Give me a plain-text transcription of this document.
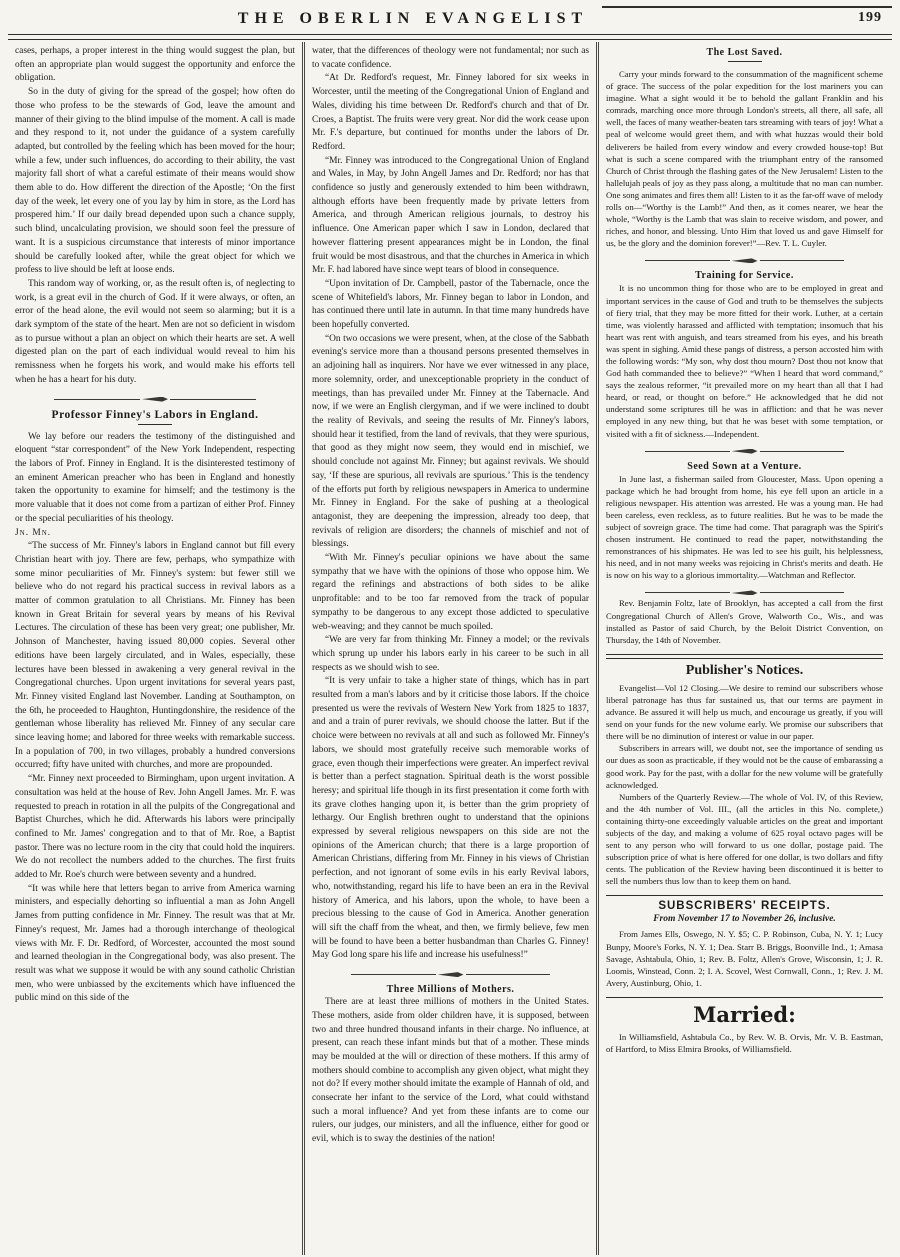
THE OBERLIN EVANGELIST	199

cases, perhaps, a proper interest in the thing would suggest the plan, but often an appropriate plan would suggest the opportunity and enforce the obligation.

So in the duty of giving for the spread of the gospel; how often do those who profess to be the stewards of God, leave the amount and manner of their giving to the blind impulse of the moment. A call is made and they respond to it, not under the guidance of a system carefully adapted, but controlled by the feeling which has been moved for the hour; while a few, under such influences, do according to their ability, the vast majority fall short of what a careful estimate of their means would show them able to do. How different the direction of the Apostle; ‘On the first day of the week, let every one of you lay by him in store, as the Lord has prospered him.’ If our daily bread depended upon such a chance supply, such blind, uncalculating provision, we should soon feel the pressure of want. It is a suspicious circumstance that interests of minor importance should be carefully looked after, while the great object for which we profess to live should be left at loose ends.

This random way of working, or, as the result often is, of neglecting to work, is a great evil in the church of God. If it were always, or often, an error of the head alone, the evil would not seem so alarming; but it is a dark symptom of the state of the heart. Men are not so deficient in wisdom as to pursue without a plan an object on which their hearts are set. A well digested plan on the part of each individual would reveal to him his remissness when he forgets his work, and would make his efforts tell when he has a heart for his duty.

Professor Finney's Labors in England.

We lay before our readers the testimony of the distinguished and eloquent “star correspondent” of the New York Independent, respecting the labors of Prof. Finney in England. It is the disinterested testimony of an eminent American preacher who has been in England and honestly taken the opportunity to examine for himself; and the testimony is the more valuable that it does not come from a partizan of either Prof. Finney or the special peculiarities of his theology.

Jn. Mn.

“The success of Mr. Finney's labors in England cannot but fill every Christian heart with joy. There are few, perhaps, who sympathize with some minor peculiarities of Mr. Finney's system: but fewer still we believe who do not regard his practical success in revival labors as a matter of common gratulation to all Christians. Mr. Finney has been known in Great Britain for several years by means of his Revival Lectures. The circulation of these has been very great; one publisher, Mr. Johnson of Manchester, having issued 80,000 copies. Several other editions have been largely circulated, and in Wales, especially, these lectures have been blessed in awakening a very general revival in the Congregational churches. Upon urgent invitations for several years past, Mr. Finney visited England last November. Landing at Southampton, on the 6th, he proceeded to Haughton, Huntingdonshire, the residence of the gentleman whose liberality has relieved Mr. Finney of any secular care since leaving home; and labored for three weeks with remarkable success. In a population of 700, in two villages, probably a hundred conversions occurred; fifty have united with churches, and more are propounded.

“Mr. Finney next proceeded to Birmingham, upon urgent invitation. A consultation was held at the house of Rev. John Angell James. Mr. F. was requested to preach in rotation in all the pulpits of the Congregational and Baptist Churches, which he did. Afterwards his labors were principally confined to Mr. James' congregation and to that of Mr. Roe, a Baptist pastor. There was no lecture room in the city that could hold the inquirers. We do not recollect the numbers added to the churches. The first fruits added to Mr. Roe's church were between seventy and a hundred.

“It was while here that letters began to arrive from America warning ministers, and especially dehorting so influential a man as John Angell James from putting confidence in Mr. Finney. The result was that at Mr. Finney's request, Mr. James had a thorough interchange of theological views with Mr. F. Dr. Redford, of Worcester, accounted the most sound and learned theologian in the Congregational body, was also present. The result was what we suppose it would be with any sound catholic Christian men, who were unbiassed by the excitements which have influenced the public mind on this side of the

water, that the differences of theology were not fundamental; nor such as to vacate confidence.

“At Dr. Redford's request, Mr. Finney labored for six weeks in Worcester, until the meeting of the Congregational Union of England and Wales, dividing his time between Dr. Redford's church and that of Dr. Croes, a Baptist. The fruits were very great. Nor did the work cease upon Mr. F.'s departure, but continued for months under the labors of Dr. Redford.

“Mr. Finney was introduced to the Congregational Union of England and Wales, in May, by John Angell James and Dr. Redford; nor has that confidence so justly and generously extended to him been withdrawn, although efforts have been frequently made by private letters from America, and through American religious journals, to destroy his influence. One American paper which I saw in London, declared that however flattering present appearances might be in London, the final fruit would be most disastrous, and that the churches in America in which Mr. F. had labored have since wept tears of blood in consequence.

“Upon invitation of Dr. Campbell, pastor of the Tabernacle, once the scene of Whitefield's labors, Mr. Finney began to labor in London, and has continued there until late in autumn. In that time many hundreds have been hopefully converted.

“On two occasions we were present, when, at the close of the Sabbath evening's service more than a thousand persons presented themselves in an adjoining hall as inquirers. Nor have we ever witnessed in any place, more solemnity, order, and unexceptionable propriety in the conduct of meetings, than has prevailed under Mr. Finney at the Tabernacle. And now, if we were an English clergyman, and if we were inclined to doubt the reality of Revivals, and seeing the results of Mr. Finney's labors, should hear it testified, from the land of revivals, that they were spurious, that good as they might now seem, they would end in mischief, we should conclude not against Mr. Finney; but against revivals. We should say, ‘If these are spurious, all revivals are spurious.’ This is the tendency of the efforts put forth by religious newspapers in America to undermine Mr. Finney in England. For the sake of pushing at a theological antagonist, they are deepening the impression, already too deep, that revivals of religion are disorders; the channels of mischief and not of blessings.

“With Mr. Finney's peculiar opinions we have about the same sympathy that we have with the opinions of those who oppose him. We regard the refinings and abstractions of both sides to be alike unprofitable: and to be too far removed from the track of popular sympathy to be dangerous to any except those addicted to speculative web-weaving; and they cannot be much spoiled.

“We are very far from thinking Mr. Finney a model; or the revivals which sprung up under his labors early in his career to be such in all respects as we should wish to see.

“It is very unfair to take a higher state of things, which has in part resulted from a man's labors and by it criticise those labors. If the choice presented us were the revivals of Western New York from 1825 to 1837, and and a train of purer revivals, we should choose the latter. But if the choice were between no revivals at all and such as followed Mr. Finney's labors, we should most gratefully receive such memorable works of grace, even though their imperfections were greater. An imperfect revival is better than a perfect stagnation. Spiritual death is the worst possible heresy; and spiritual life though in its first presentation it come forth with its grave clothes hanging upon it, is better than the grim propriety of lethargy. Our English brethren ought to understand that the opinions expressed by several religious newspapers on this side are not the opinions of the American church; that there is a large proportion of American Christians, differing from Mr. Finney in his views of Christian perfection, and not ignorant of some evils in his early Revival labors, who, notwithstanding, regard his life to have been an era in the Revival history of America, and his labors, upon the whole, to have been a precious blessing to the cause of God in America. Another generation will sift the chaff from the wheat, and then, we firmly believe, few men will be found to have been a better husbandman than Charles G. Finney! May God long spare his life and increase his usefulness!”

Three Millions of Mothers.

There are at least three millions of mothers in the United States. These mothers, aside from older children have, it is supposed, between two and three hundred thousand infants in their charge. No influence, at present, can reach these infant minds but that of a mother. These minds may be moulded at the will or direction of these mothers. If this army of mothers should combine to accomplish any given object, what might they not do? If every mother should imitate the example of Hannah of old, and consecrate her infant to the service of the Lord, what could withstand such a moral influence? And yet from these infants are to come our rulers, our judges, our ministers, and all the influence, either for good or evil, which is to sway the destinies of the nation!

The Lost Saved.

Carry your minds forward to the consummation of the magnificent scheme of grace. The success of the polar expedition for the lost mariners you can imagine. What a sight would it be to behold the gallant Franklin and his comrads, marching once more through London's streets, all there, all safe, all well, the faces of many weather-beaten tars streaming with tears of joy! What a peal of welcome would greet them, and with what huzzas would their bold deliverers be hailed from every window and every crowded house-top! But what is such a scene compared with the triumphant entry of the ransomed Church of Christ through the flashing gates of the New Jerusalem! Listen to the hallelujah peals of joy as they pass along, a multitude that no man can number. One song animates and fires them all! Listen to it as the far-off wave of melody rolls on—“Worthy is the Lamb!” And then, as it comes nearer, we hear the whole, “Worthy is the Lamb that was slain to receive wisdom, and power, and riches, and honor, and blessing. Unto Him that loved us and gave Himself for us, be the glory and the dominion forever!”—Rev. T. L. Cuyler.

Training for Service.

It is no uncommon thing for those who are to be employed in great and important services in the cause of God and truth to be themselves the subjects of fiery trial, that they may be more fitted for their work. Luther, at a certain time, was violently harassed and afflicted with temptation; insomuch that his heart was rent with anguish, and tears streamed from his eyes, and his breath was spent in sighing. Amid these pangs of distress, a person accosted him with the following words: “My son, why dost thou mourn? Dost thou not know that God hath commanded thee to believe?” “When I heard that word command,” says the zealous reformer, “it prevailed more on my heart than all that I had heard, or read, or thought on before.” He acknowledged that he did not understand some scriptures till he was in affliction: and that he was never employed in any new thing, but that he was beset with some temptation, or visited with a fit of sickness.—Independent.

Seed Sown at a Venture.

In June last, a fisherman sailed from Gloucester, Mass. Upon opening a package which he had brought from home, his eye fell upon an article in a religious newspaper. His attention was arrested. He was a young man. He had been careless, even reckless, as to future realities. But he was to be made the subject of sovreign grace. The time had come. That paragraph was the Spirit's chosen instrument. He continued to read the paper, notwithstanding the remonstrances of his shipmates. He was led to see his guilt, his helplessness, his need, and in not many weeks was rejoicing in Christ's merits and death. He is now on his way to a glorious immortality.—Watchman and Reflector.

Rev. Benjamin Foltz, late of Brooklyn, has accepted a call from the first Congregational Church of Allen's Grove, Walworth Co., Wis., and was installed as Pastor of said Church, by the Beloit District Convention, on Thursday, the 14th of November.

Publisher's Notices.

Evangelist—Vol 12 Closing.—We desire to remind our subscribers whose liberal patronage has thus far sustained us, that our terms are payment in advance. Be assured it will help us much, and encourage us greatly, if you will send on your funds for the new volume early. We promise our subscribers that there will be no diminution of interest or value in our paper.

Subscribers in arrears will, we doubt not, see the importance of sending us our dues as soon as practicable, if they would not be the cause of embarassing a good work. Pay for the past, with a dollar for the new volume will be gratefully acknowledged.

Numbers of the Quarterly Review.—The whole of Vol. IV, of this Review, and the 4th number of Vol. III., (all the articles in this No. complete,) containing thirty-one exceedingly valuable articles on the great and important subjects of the day, and making a volume of 625 royal octavo pages will be sent to any person who will forward to us one dollar, postage paid. The subscription price of what is here offered for one dollar, is two dollars and fifty cents. The publication of the Review having been discontinued it is better to sell the numbers thus low than to keep them on hand.

SUBSCRIBERS' RECEIPTS.
From November 17 to November 26, inclusive.

From James Ells, Oswego, N. Y. $5; C. P. Robinson, Cuba, N. Y. 1; Lucy Bunpy, Moore's Forks, N. Y. 1; Dea. Starr B. Briggs, Boonville Ind., 1; Amasa Savage, Ashtabula, Ohio, 1; Rev. B. Foltz, Allen's Grove, Wisconsin, 1; J. R. Loomis, Winstead, Conn. 2; I. A. Scovel, West Cornwall, Conn., 1; Rev. J. M. Avery, Austinburg, Ohio, 1.

Married:

In Williamsfield, Ashtabula Co., by Rev. W. B. Orvis, Mr. V. B. Eastman, of Hartford, to Miss Elmira Brooks, of Williamsfield.
